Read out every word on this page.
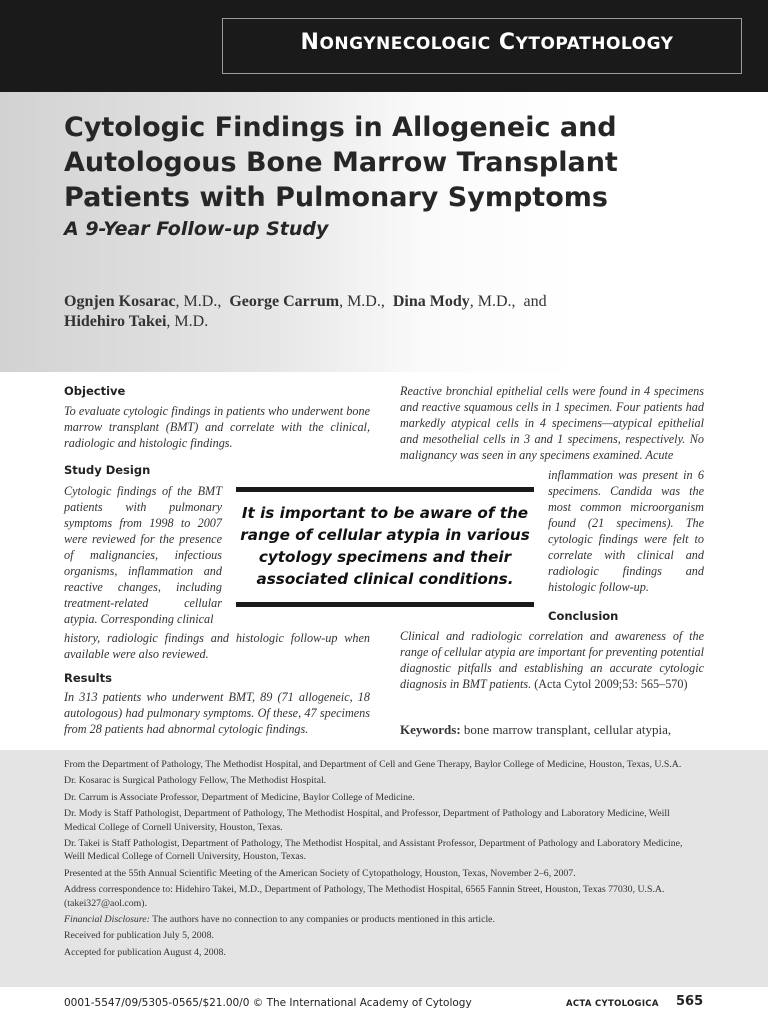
NONGYNECOLOGIC CYTOPATHOLOGY
Cytologic Findings in Allogeneic and Autologous Bone Marrow Transplant Patients with Pulmonary Symptoms
A 9-Year Follow-up Study
Ognjen Kosarac, M.D., George Carrum, M.D., Dina Mody, M.D., and
Hidehiro Takei, M.D.
Objective

To evaluate cytologic findings in patients who underwent bone marrow transplant (BMT) and correlate with the clinical, radiologic and histologic findings.

Study Design

Cytologic findings of the BMT patients with pulmonary symptoms from 1998 to 2007 were reviewed for the presence of malignancies, infectious organisms, inflammation and reactive changes, including treatment-related cellular atypia. Corresponding clinical

history, radiologic findings and histologic follow-up when available were also reviewed.

Results

In 313 patients who underwent BMT, 89 (71 allogeneic, 18 autologous) had pulmonary symptoms. Of these, 47 specimens from 28 patients had abnormal cytologic findings.

Reactive bronchial epithelial cells were found in 4 specimens and reactive squamous cells in 1 specimen. Four patients had markedly atypical cells in 4 specimens—atypical epithelial and mesothelial cells in 3 and 1 specimens, respectively. No malignancy was seen in any specimens examined. Acute

inflammation was present in 6 specimens. Candida was the most common microorganism found (21 specimens). The cytologic findings were felt to correlate with clinical and radiologic findings and histologic follow-up.

Conclusion

Clinical and radiologic correlation and awareness of the range of cellular atypia are important for preventing potential diagnostic pitfalls and establishing an accurate cytologic diagnosis in BMT patients. (Acta Cytol 2009;53: 565–570)

It is important to be aware of the range of cellular atypia in various cytology specimens and their associated clinical conditions.
Keywords: bone marrow transplant, cellular atypia,

From the Department of Pathology, The Methodist Hospital, and Department of Cell and Gene Therapy, Baylor College of Medicine, Houston, Texas, U.S.A.

Dr. Kosarac is Surgical Pathology Fellow, The Methodist Hospital.

Dr. Carrum is Associate Professor, Department of Medicine, Baylor College of Medicine.

Dr. Mody is Staff Pathologist, Department of Pathology, The Methodist Hospital, and Professor, Department of Pathology and Laboratory Medicine, Weill Medical College of Cornell University, Houston, Texas.

Dr. Takei is Staff Pathologist, Department of Pathology, The Methodist Hospital, and Assistant Professor, Department of Pathology and Laboratory Medicine, Weill Medical College of Cornell University, Houston, Texas.

Presented at the 55th Annual Scientific Meeting of the American Society of Cytopathology, Houston, Texas, November 2–6, 2007.

Address correspondence to: Hidehiro Takei, M.D., Department of Pathology, The Methodist Hospital, 6565 Fannin Street, Houston, Texas 77030, U.S.A. (takei327@aol.com).

Financial Disclosure: The authors have no connection to any companies or products mentioned in this article.

Received for publication July 5, 2008.

Accepted for publication August 4, 2008.

0001-5547/09/5305-0565/$21.00/0 © The International Academy of Cytology	ACTA CYTOLOGICA 565
